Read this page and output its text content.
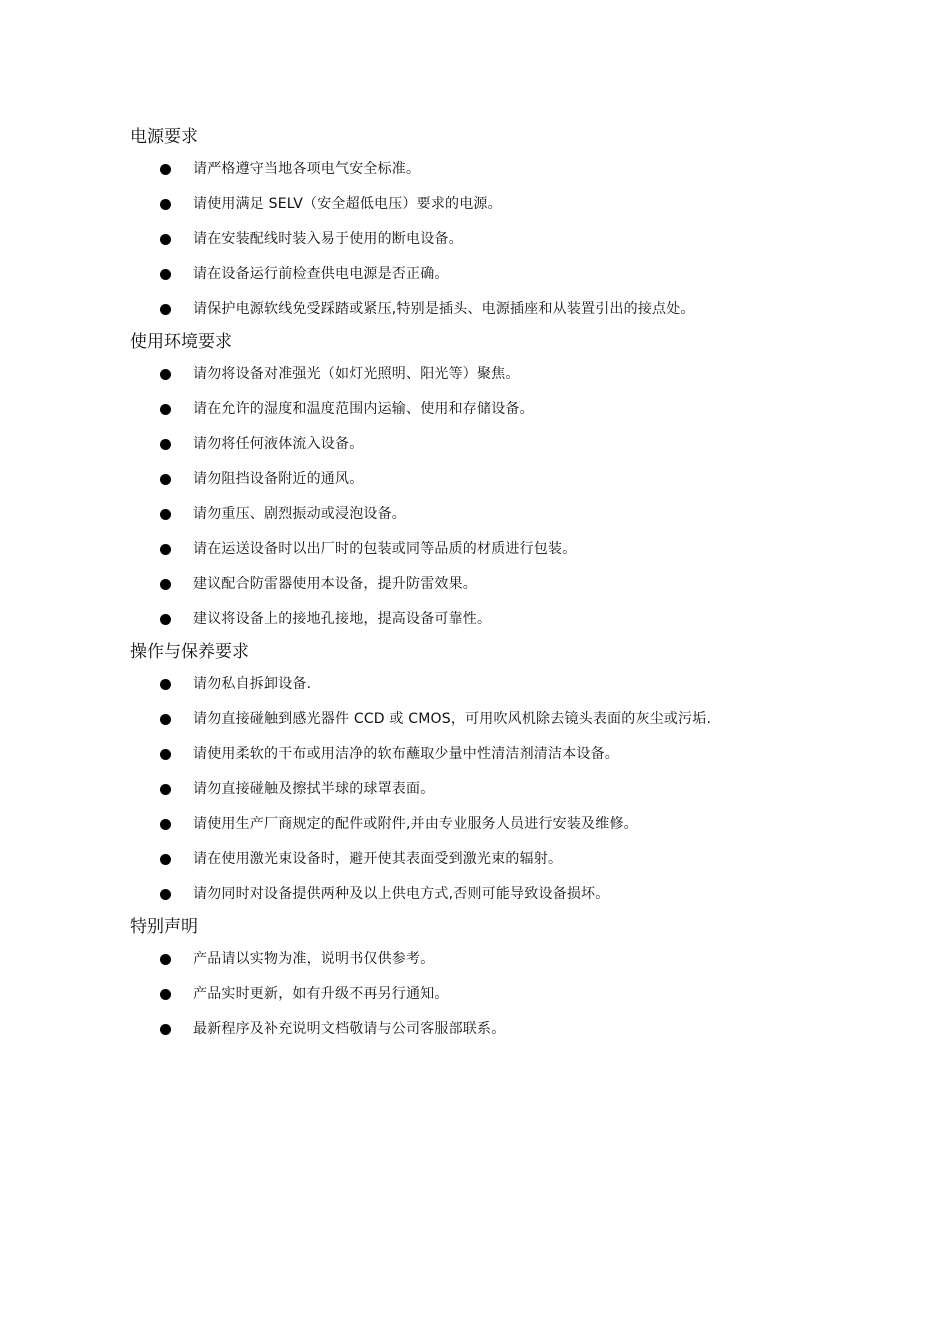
电源要求
请严格遵守当地各项电气安全标准。
请使用满足 SELV（安全超低电压）要求的电源。
请在安装配线时装入易于使用的断电设备。
请在设备运行前检查供电电源是否正确。
请保护电源软线免受踩踏或紧压,特别是插头、电源插座和从装置引出的接点处。
使用环境要求
请勿将设备对准强光（如灯光照明、阳光等）聚焦。
请在允许的湿度和温度范围内运输、使用和存储设备。
请勿将任何液体流入设备。
请勿阻挡设备附近的通风。
请勿重压、剧烈振动或浸泡设备。
请在运送设备时以出厂时的包装或同等品质的材质进行包装。
建议配合防雷器使用本设备，提升防雷效果。
建议将设备上的接地孔接地，提高设备可靠性。
操作与保养要求
请勿私自拆卸设备.
请勿直接碰触到感光器件 CCD 或 CMOS，可用吹风机除去镜头表面的灰尘或污垢.
请使用柔软的干布或用洁净的软布蘸取少量中性清洁剂清洁本设备。
请勿直接碰触及擦拭半球的球罩表面。
请使用生产厂商规定的配件或附件,并由专业服务人员进行安装及维修。
请在使用激光束设备时，避开使其表面受到激光束的辐射。
请勿同时对设备提供两种及以上供电方式,否则可能导致设备损坏。
特别声明
产品请以实物为准，说明书仅供参考。
产品实时更新，如有升级不再另行通知。
最新程序及补充说明文档敬请与公司客服部联系。
